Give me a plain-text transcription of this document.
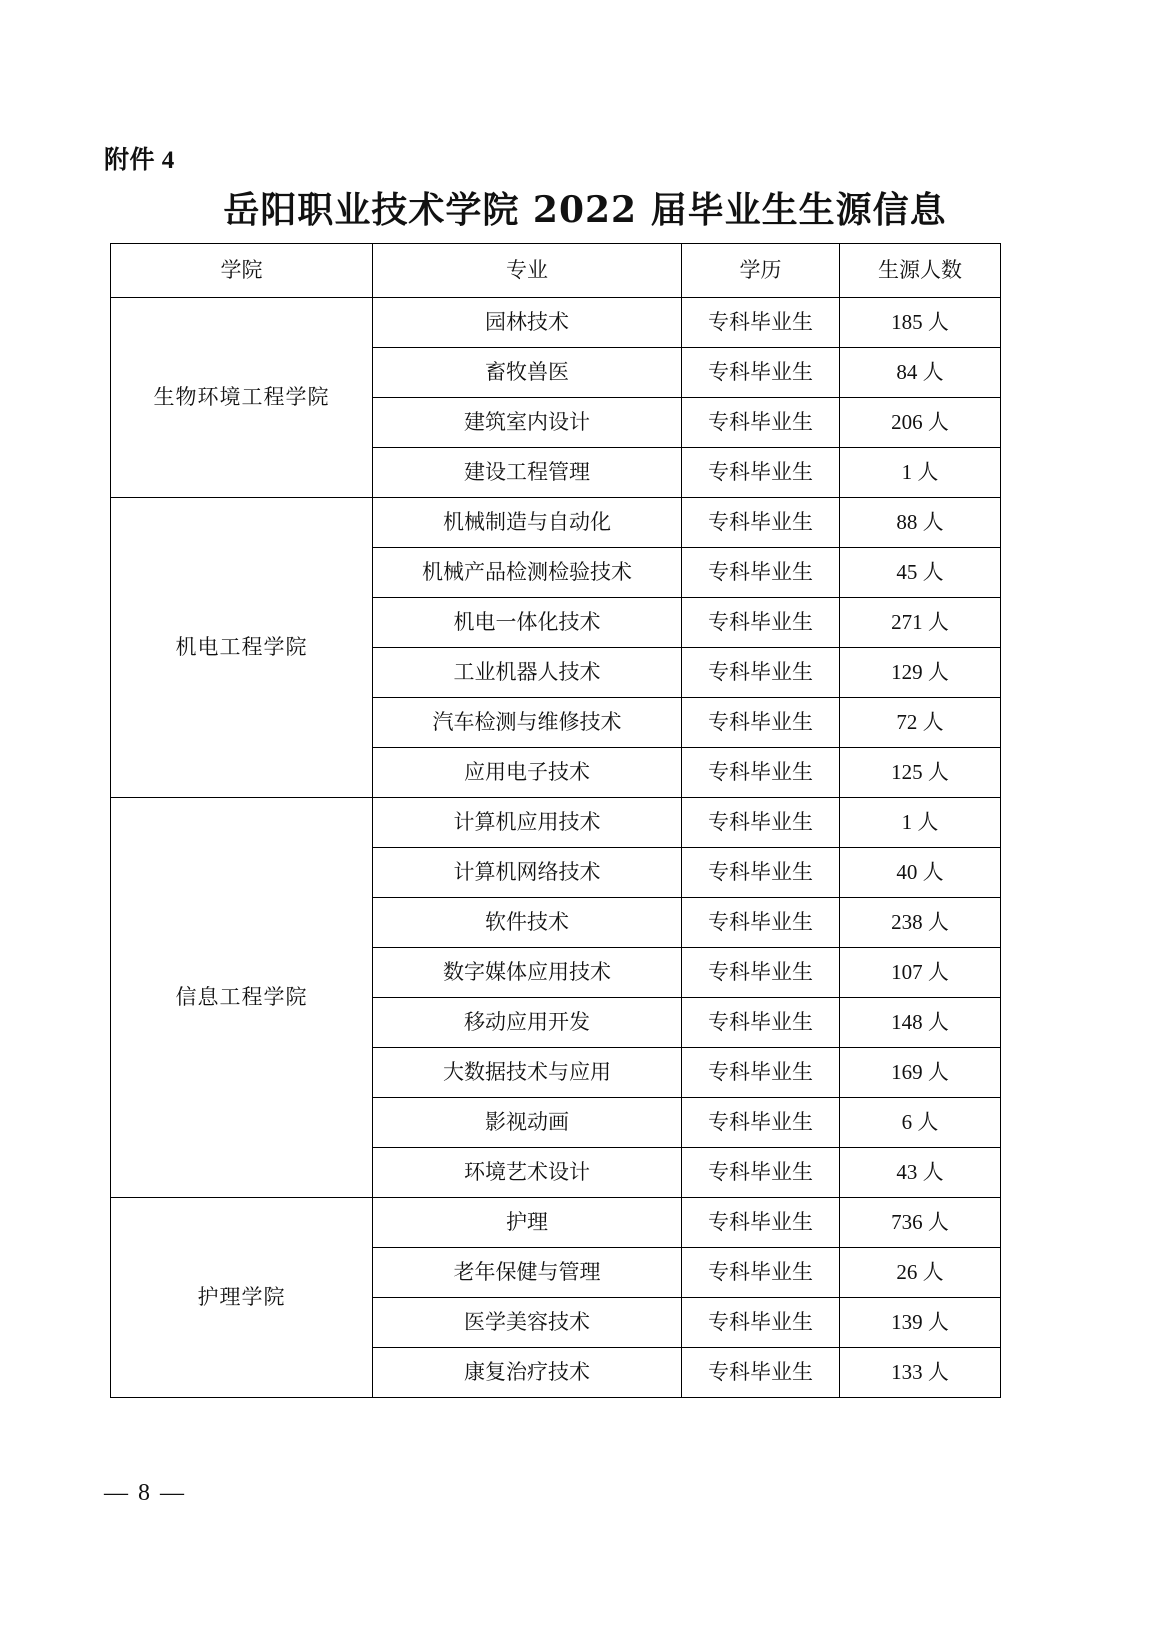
附件 4
岳阳职业技术学院 2022 届毕业生生源信息
学院	专业	学历	生源人数
生物环境工程学院	园林技术	专科毕业生	185 人
	畜牧兽医	专科毕业生	84 人
	建筑室内设计	专科毕业生	206 人
	建设工程管理	专科毕业生	1 人
机电工程学院	机械制造与自动化	专科毕业生	88 人
	机械产品检测检验技术	专科毕业生	45 人
	机电一体化技术	专科毕业生	271 人
	工业机器人技术	专科毕业生	129 人
	汽车检测与维修技术	专科毕业生	72 人
	应用电子技术	专科毕业生	125 人
信息工程学院	计算机应用技术	专科毕业生	1 人
	计算机网络技术	专科毕业生	40 人
	软件技术	专科毕业生	238 人
	数字媒体应用技术	专科毕业生	107 人
	移动应用开发	专科毕业生	148 人
	大数据技术与应用	专科毕业生	169 人
	影视动画	专科毕业生	6 人
	环境艺术设计	专科毕业生	43 人
护理学院	护理	专科毕业生	736 人
	老年保健与管理	专科毕业生	26 人
	医学美容技术	专科毕业生	139 人
	康复治疗技术	专科毕业生	133 人
— 8 —
